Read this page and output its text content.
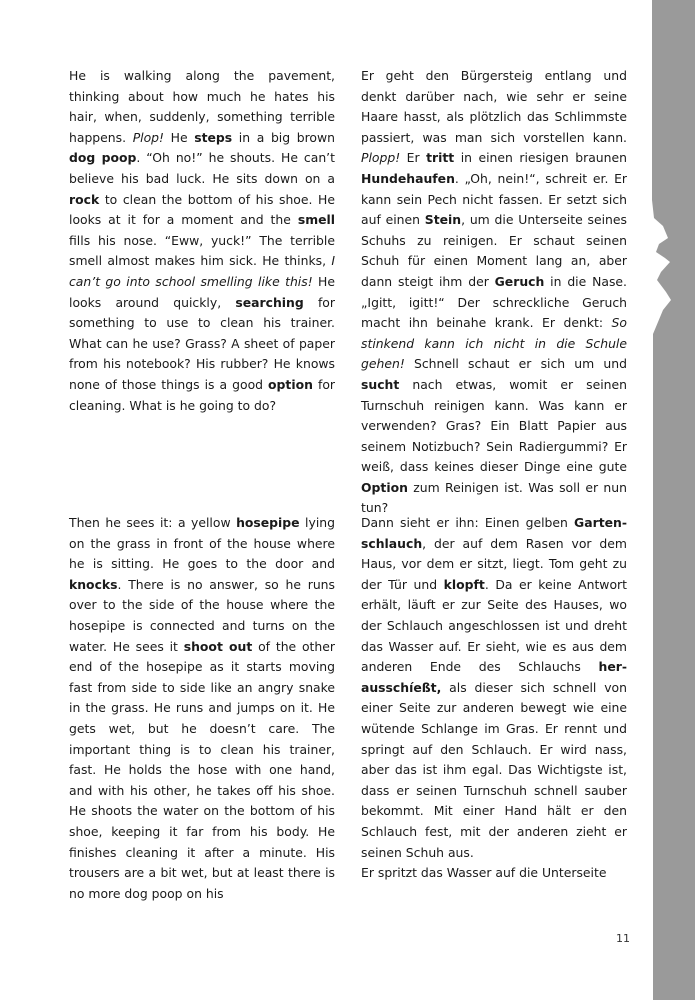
He is walking along the pavement, thinking about how much he hates his hair, when, suddenly, something terrible happens. Plop! He steps in a big brown dog poop. “Oh no!” he shouts. He can’t believe his bad luck. He sits down on a rock to clean the bottom of his shoe. He looks at it for a moment and the smell fills his nose. “Eww, yuck!” The terrible smell almost makes him sick. He thinks, I can’t go into school smelling like this! He looks around quickly, searching for something to use to clean his trainer. What can he use? Grass? A sheet of paper from his notebook? His rubber? He knows none of those things is a good option for cleaning. What is he going to do?
Er geht den Bürgersteig entlang und denkt darüber nach, wie sehr er seine Haare hasst, als plötzlich das Schlimmste passiert, was man sich vorstellen kann. Plopp! Er tritt in einen riesigen braunen Hundehaufen. „Oh, nein!“, schreit er. Er kann sein Pech nicht fassen. Er setzt sich auf einen Stein, um die Unterseite seines Schuhs zu reinigen. Er schaut seinen Schuh für einen Moment lang an, aber dann steigt ihm der Geruch in die Nase. „Igitt, igitt!“ Der schreckliche Geruch macht ihn beinahe krank. Er denkt: So stinkend kann ich nicht in die Schule gehen! Schnell schaut er sich um und sucht nach etwas, womit er seinen Turnschuh reinigen kann. Was kann er verwenden? Gras? Ein Blatt Papier aus seinem Notizbuch? Sein Radiergummi? Er weiß, dass keines dieser Dinge eine gute Option zum Reinigen ist. Was soll er nun tun?
Then he sees it: a yellow hosepipe lying on the grass in front of the house where he is sitting. He goes to the door and knocks. There is no answer, so he runs over to the side of the house where the hosepipe is connected and turns on the water. He sees it shoot out of the other end of the hosepipe as it starts moving fast from side to side like an angry snake in the grass. He runs and jumps on it. He gets wet, but he doesn’t care. The important thing is to clean his trainer, fast. He holds the hose with one hand, and with his other, he takes off his shoe. He shoots the water on the bottom of his shoe, keeping it far from his body. He finishes cleaning it after a minute. His trousers are a bit wet, but at least there is no more dog poop on his

Dann sieht er ihn: Einen gelben Gartenschlauch, der auf dem Rasen vor dem Haus, vor dem er sitzt, liegt. Tom geht zu der Tür und klopft. Da er keine Antwort erhält, läuft er zur Seite des Hauses, wo der Schlauch angeschlossen ist und dreht das Wasser auf. Er sieht, wie es aus dem anderen Ende des Schlauchs herausschíeßt, als dieser sich schnell von einer Seite zur anderen bewegt wie eine wütende Schlange im Gras. Er rennt und springt auf den Schlauch. Er wird nass, aber das ist ihm egal. Das Wichtigste ist, dass er seinen Turnschuh schnell sauber bekommt. Mit einer Hand hält er den Schlauch fest, mit der anderen zieht er seinen Schuh aus.

Er spritzt das Wasser auf die Unterseite

11
